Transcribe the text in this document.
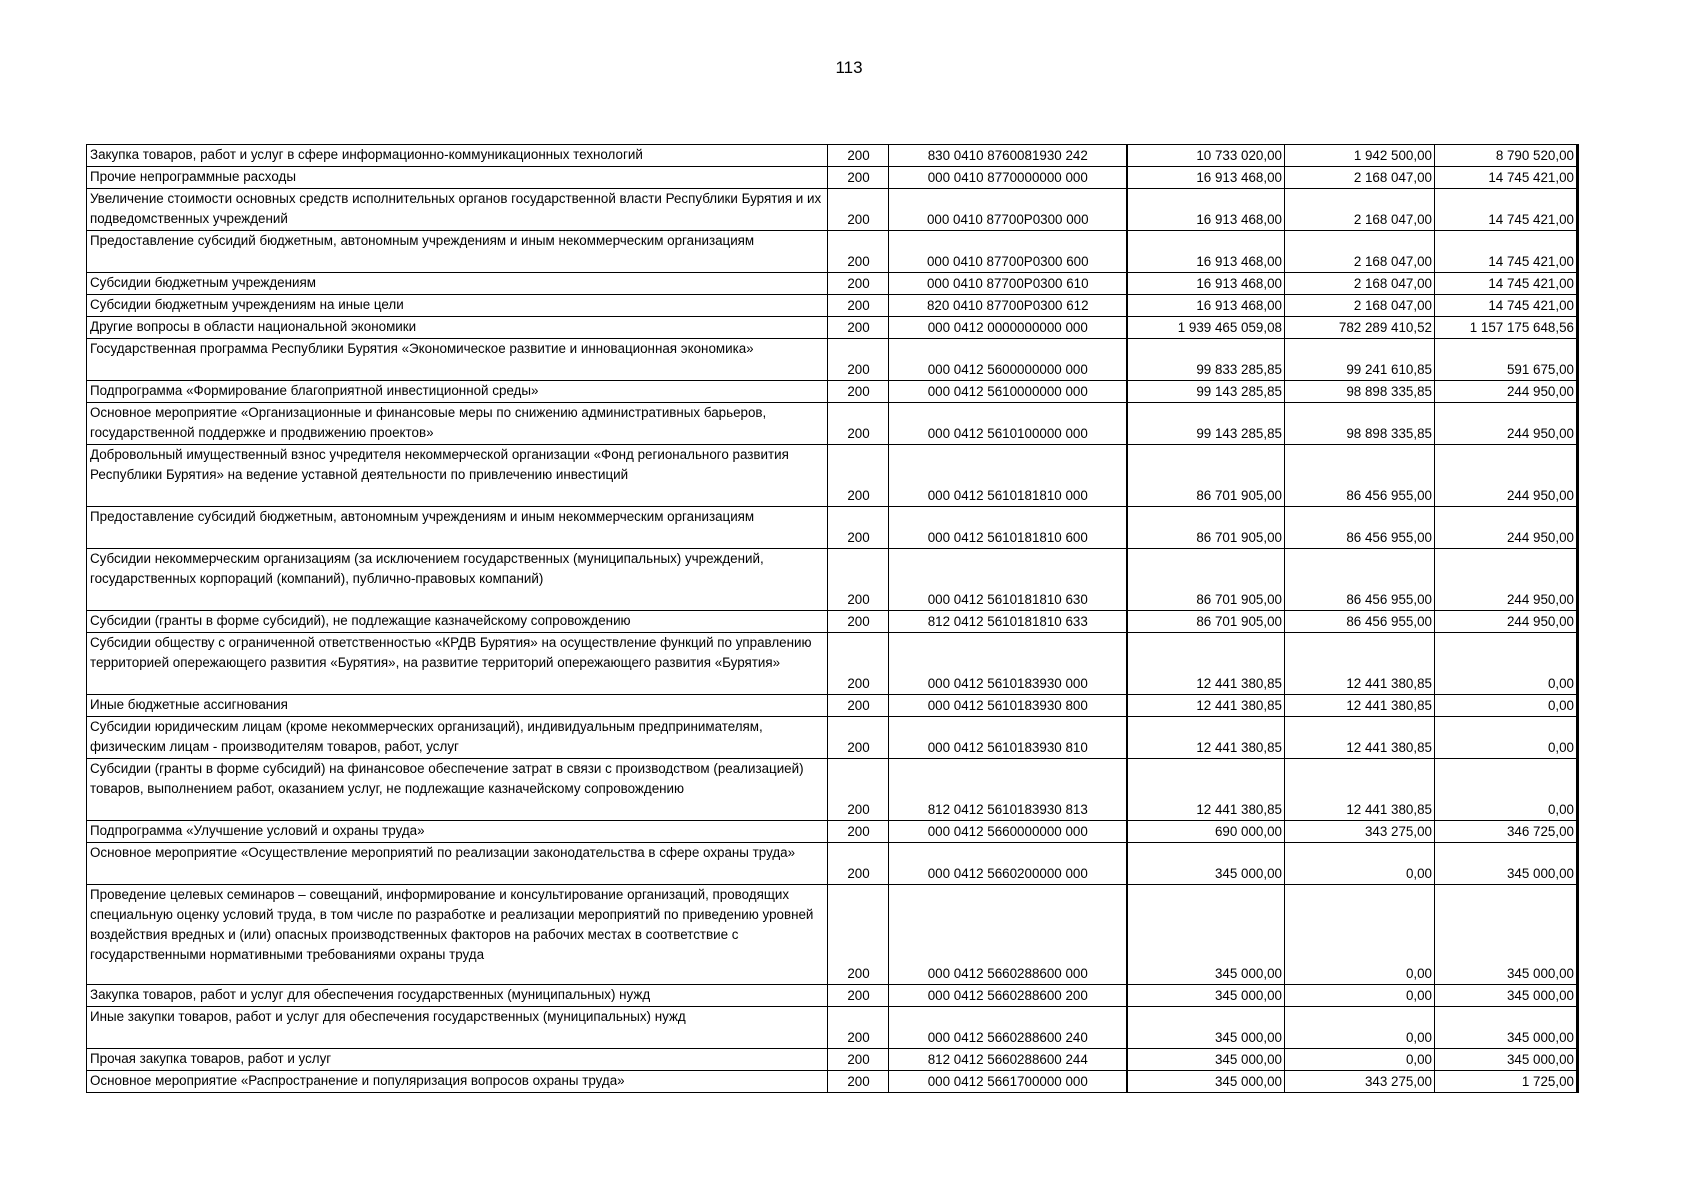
113
Закупка товаров, работ и услуг в сфере информационно-коммуникационных технологий	200	830 0410 8760081930 242	10 733 020,00	1 942 500,00	8 790 520,00

Прочие непрограммные расходы	200	000 0410 8770000000 000	16 913 468,00	2 168 047,00	14 745 421,00

Увеличение стоимости основных средств исполнительных органов государственной власти Республики Бурятия и их подведомственных учреждений	200	000 0410 87700P0300 000	16 913 468,00	2 168 047,00	14 745 421,00

Предоставление субсидий бюджетным, автономным учреждениям и иным некоммерческим организациям	200	000 0410 87700P0300 600	16 913 468,00	2 168 047,00	14 745 421,00

Субсидии бюджетным учреждениям	200	000 0410 87700P0300 610	16 913 468,00	2 168 047,00	14 745 421,00

Субсидии бюджетным учреждениям на иные цели	200	820 0410 87700P0300 612	16 913 468,00	2 168 047,00	14 745 421,00

Другие вопросы в области национальной экономики	200	000 0412 0000000000 000	1 939 465 059,08	782 289 410,52	1 157 175 648,56

Государственная программа Республики Бурятия «Экономическое развитие и инновационная экономика»	200	000 0412 5600000000 000	99 833 285,85	99 241 610,85	591 675,00

Подпрограмма «Формирование благоприятной инвестиционной среды»	200	000 0412 5610000000 000	99 143 285,85	98 898 335,85	244 950,00

Основное мероприятие «Организационные и финансовые меры по снижению административных барьеров, государственной поддержке и продвижению проектов»	200	000 0412 5610100000 000	99 143 285,85	98 898 335,85	244 950,00

Добровольный имущественный взнос учредителя некоммерческой организации «Фонд регионального развития Республики Бурятия» на ведение уставной деятельности по привлечению инвестиций	200	000 0412 5610181810 000	86 701 905,00	86 456 955,00	244 950,00

Предоставление субсидий бюджетным, автономным учреждениям и иным некоммерческим организациям	200	000 0412 5610181810 600	86 701 905,00	86 456 955,00	244 950,00

Субсидии некоммерческим организациям (за исключением государственных (муниципальных) учреждений, государственных корпораций (компаний), публично-правовых компаний)	200	000 0412 5610181810 630	86 701 905,00	86 456 955,00	244 950,00

Субсидии (гранты в форме субсидий), не подлежащие казначейскому сопровождению	200	812 0412 5610181810 633	86 701 905,00	86 456 955,00	244 950,00

Субсидии обществу с ограниченной ответственностью «КРДВ Бурятия» на осуществление функций по управлению территорией опережающего развития «Бурятия», на развитие территорий опережающего развития «Бурятия»	200	000 0412 5610183930 000	12 441 380,85	12 441 380,85	0,00

Иные бюджетные ассигнования	200	000 0412 5610183930 800	12 441 380,85	12 441 380,85	0,00

Субсидии юридическим лицам (кроме некоммерческих организаций), индивидуальным предпринимателям, физическим лицам - производителям товаров, работ, услуг	200	000 0412 5610183930 810	12 441 380,85	12 441 380,85	0,00

Субсидии (гранты в форме субсидий) на финансовое обеспечение затрат в связи с производством (реализацией) товаров, выполнением работ, оказанием услуг, не подлежащие казначейскому сопровождению	200	812 0412 5610183930 813	12 441 380,85	12 441 380,85	0,00

Подпрограмма «Улучшение условий и охраны труда»	200	000 0412 5660000000 000	690 000,00	343 275,00	346 725,00

Основное мероприятие «Осуществление мероприятий по реализации законодательства в сфере охраны труда»	200	000 0412 5660200000 000	345 000,00	0,00	345 000,00

Проведение целевых семинаров – совещаний, информирование и консультирование организаций, проводящих специальную оценку условий труда, в том числе по разработке и реализации мероприятий по приведению уровней воздействия вредных и (или) опасных производственных факторов на рабочих местах в соответствие с государственными нормативными требованиями охраны труда	200	000 0412 5660288600 000	345 000,00	0,00	345 000,00

Закупка товаров, работ и услуг для обеспечения государственных (муниципальных) нужд	200	000 0412 5660288600 200	345 000,00	0,00	345 000,00

Иные закупки товаров, работ и услуг для обеспечения государственных (муниципальных) нужд	200	000 0412 5660288600 240	345 000,00	0,00	345 000,00

Прочая закупка товаров, работ и услуг	200	812 0412 5660288600 244	345 000,00	0,00	345 000,00

Основное мероприятие «Распространение и популяризация вопросов охраны труда»	200	000 0412 5661700000 000	345 000,00	343 275,00	1 725,00
